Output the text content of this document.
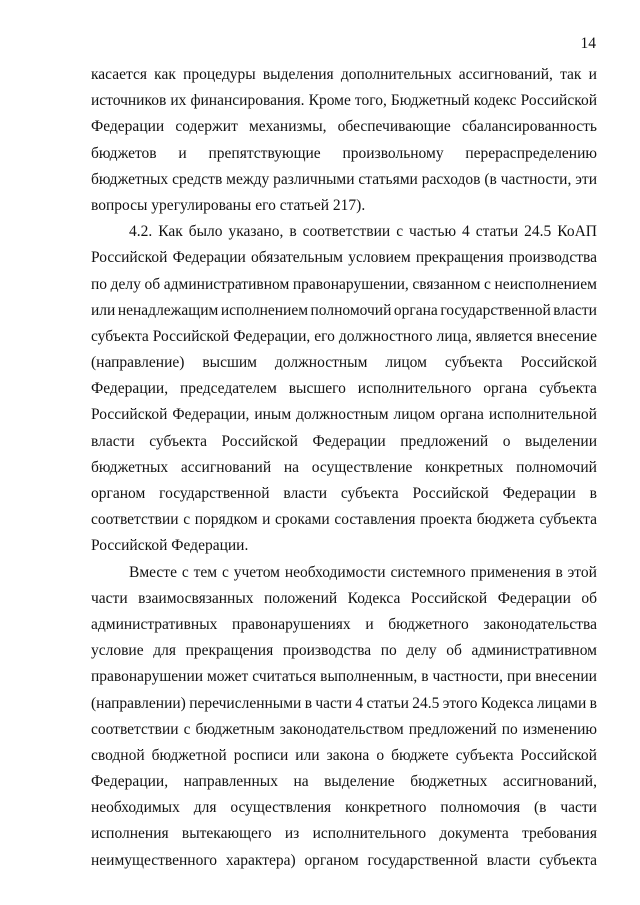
14
касается как процедуры выделения дополнительных ассигнований, так и
источников их финансирования. Кроме того, Бюджетный кодекс Российской
Федерации содержит механизмы, обеспечивающие сбалансированность
бюджетов и препятствующие произвольному перераспределению
бюджетных средств между различными статьями расходов (в частности, эти
вопросы урегулированы его статьей 217).
4.2. Как было указано, в соответствии с частью 4 статьи 24.5 КоАП
Российской Федерации обязательным условием прекращения производства
по делу об административном правонарушении, связанном с неисполнением
или ненадлежащим исполнением полномочий органа государственной власти
субъекта Российской Федерации, его должностного лица, является внесение
(направление) высшим должностным лицом субъекта Российской
Федерации, председателем высшего исполнительного органа субъекта
Российской Федерации, иным должностным лицом органа исполнительной
власти субъекта Российской Федерации предложений о выделении
бюджетных ассигнований на осуществление конкретных полномочий
органом государственной власти субъекта Российской Федерации в
соответствии с порядком и сроками составления проекта бюджета субъекта
Российской Федерации.
Вместе с тем с учетом необходимости системного применения в этой
части взаимосвязанных положений Кодекса Российской Федерации об
административных правонарушениях и бюджетного законодательства
условие для прекращения производства по делу об административном
правонарушении может считаться выполненным, в частности, при внесении
(направлении) перечисленными в части 4 статьи 24.5 этого Кодекса лицами в
соответствии с бюджетным законодательством предложений по изменению
сводной бюджетной росписи или закона о бюджете субъекта Российской
Федерации, направленных на выделение бюджетных ассигнований,
необходимых для осуществления конкретного полномочия (в части
исполнения вытекающего из исполнительного документа требования
неимущественного характера) органом государственной власти субъекта
